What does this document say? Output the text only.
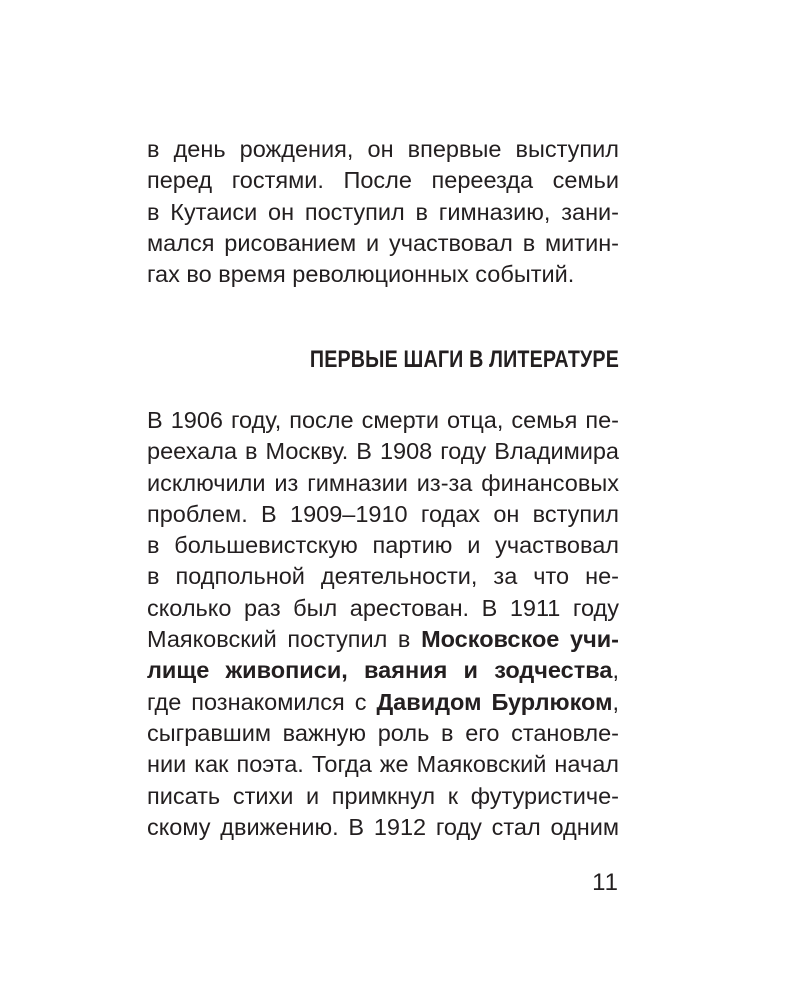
в день рождения, он впервые выступил
перед гостями. После переезда семьи
в Кутаиси он поступил в гимназию, зани-
мался рисованием и участвовал в митин-
гах во время революционных событий.
ПЕРВЫЕ ШАГИ В ЛИТЕРАТУРЕ
В 1906 году, после смерти отца, семья пе-
реехала в Москву. В 1908 году Владимира
исключили из гимназии из-за финансовых
проблем. В 1909–1910 годах он вступил
в большевистскую партию и участвовал
в подпольной деятельности, за что не-
сколько раз был арестован. В 1911 году
Маяковский поступил в Московское учи-
лище живописи, ваяния и зодчества,
где познакомился с Давидом Бурлюком,
сыгравшим важную роль в его становле-
нии как поэта. Тогда же Маяковский начал
писать стихи и примкнул к футуристиче-
скому движению. В 1912 году стал одним
11
